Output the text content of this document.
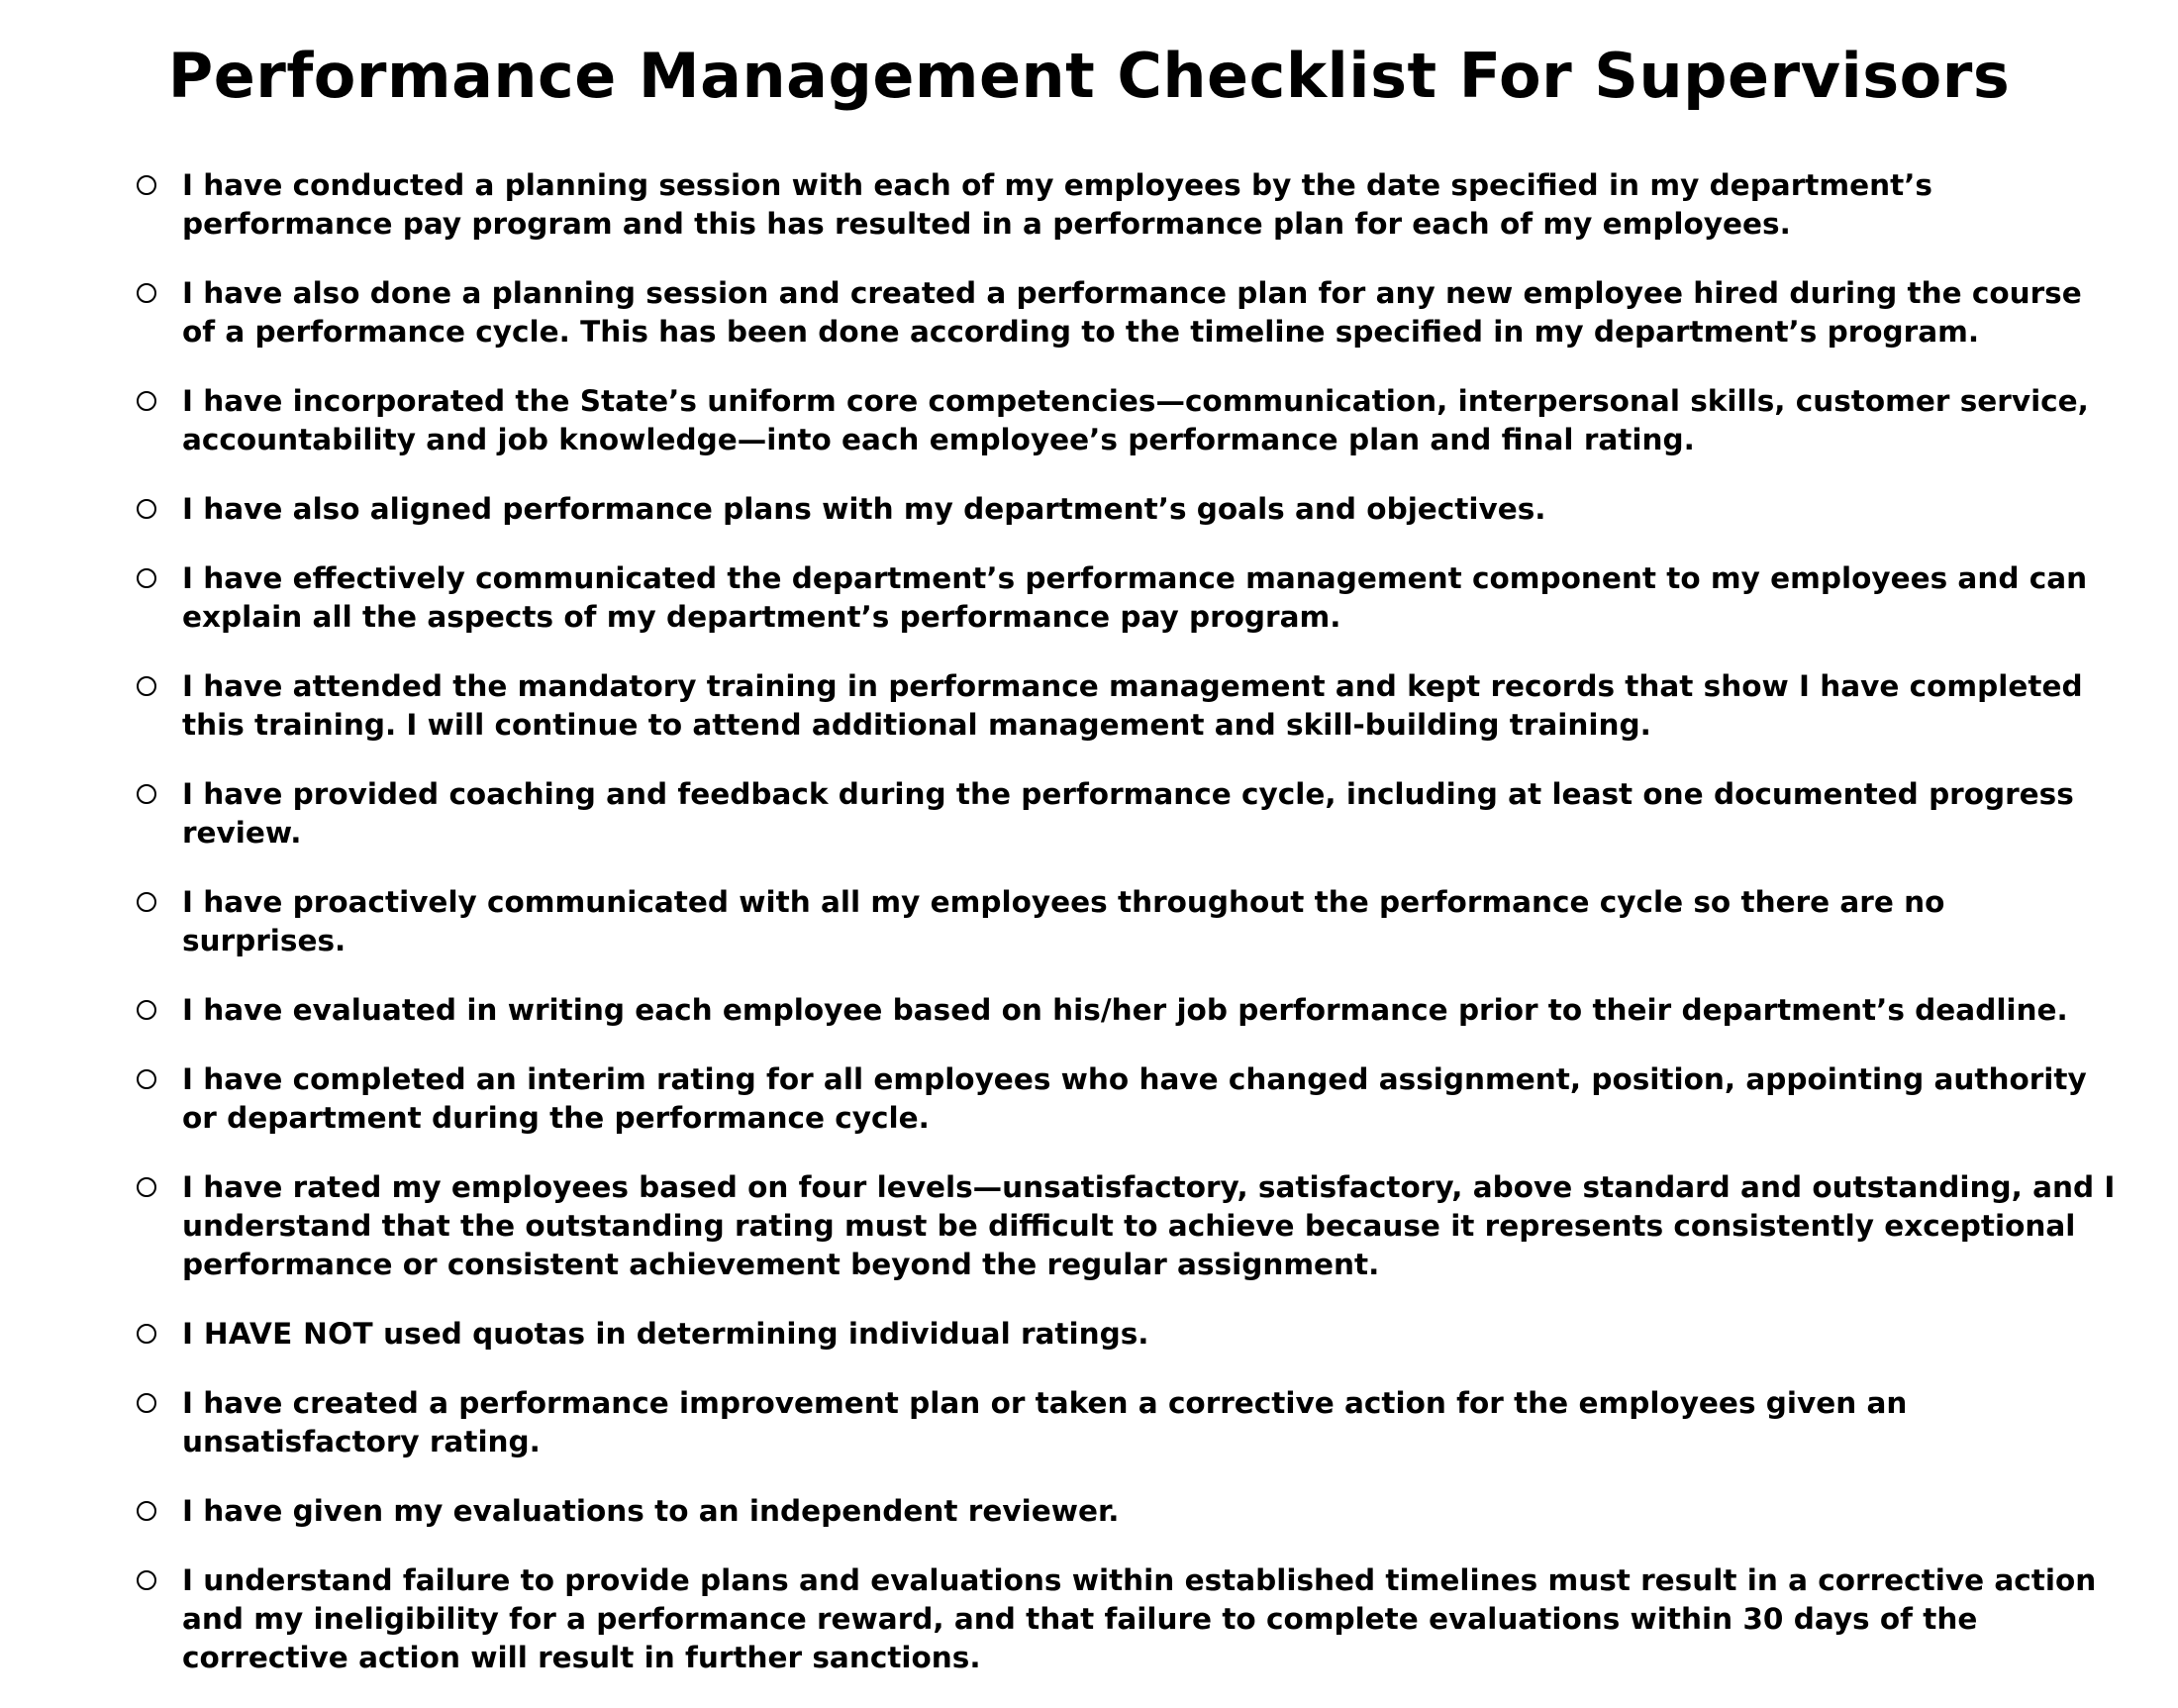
Performance Management Checklist For Supervisors
I have conducted a planning session with each of my employees by the date specified in my department’s performance pay program and this has resulted in a performance plan for each of my employees.
I have also done a planning session and created a performance plan for any new employee hired during the course of a performance cycle. This has been done according to the timeline specified in my department’s program.
I have incorporated the State’s uniform core competencies—communication, interpersonal skills, customer service, accountability and job knowledge—into each employee’s performance plan and final rating.
I have also aligned performance plans with my department’s goals and objectives.
I have effectively communicated the department’s performance management component to my employees and can explain all the aspects of my department’s performance pay program.
I have attended the mandatory training in performance management and kept records that show I have completed this training. I will continue to attend additional management and skill-building training.
I have provided coaching and feedback during the performance cycle, including at least one documented progress review.
I have proactively communicated with all my employees throughout the performance cycle so there are no surprises.
I have evaluated in writing each employee based on his/her job performance prior to their department’s deadline.
I have completed an interim rating for all employees who have changed assignment, position, appointing authority or department during the performance cycle.
I have rated my employees based on four levels—unsatisfactory, satisfactory, above standard and outstanding, and I understand that the outstanding rating must be difficult to achieve because it represents consistently exceptional performance or consistent achievement beyond the regular assignment.
I HAVE NOT used quotas in determining individual ratings.
I have created a performance improvement plan or taken a corrective action for the employees given an unsatisfactory rating.
I have given my evaluations to an independent reviewer.
I understand failure to provide plans and evaluations within established timelines must result in a corrective action and my ineligibility for a performance reward, and that failure to complete evaluations within 30 days of the corrective action will result in further sanctions.
